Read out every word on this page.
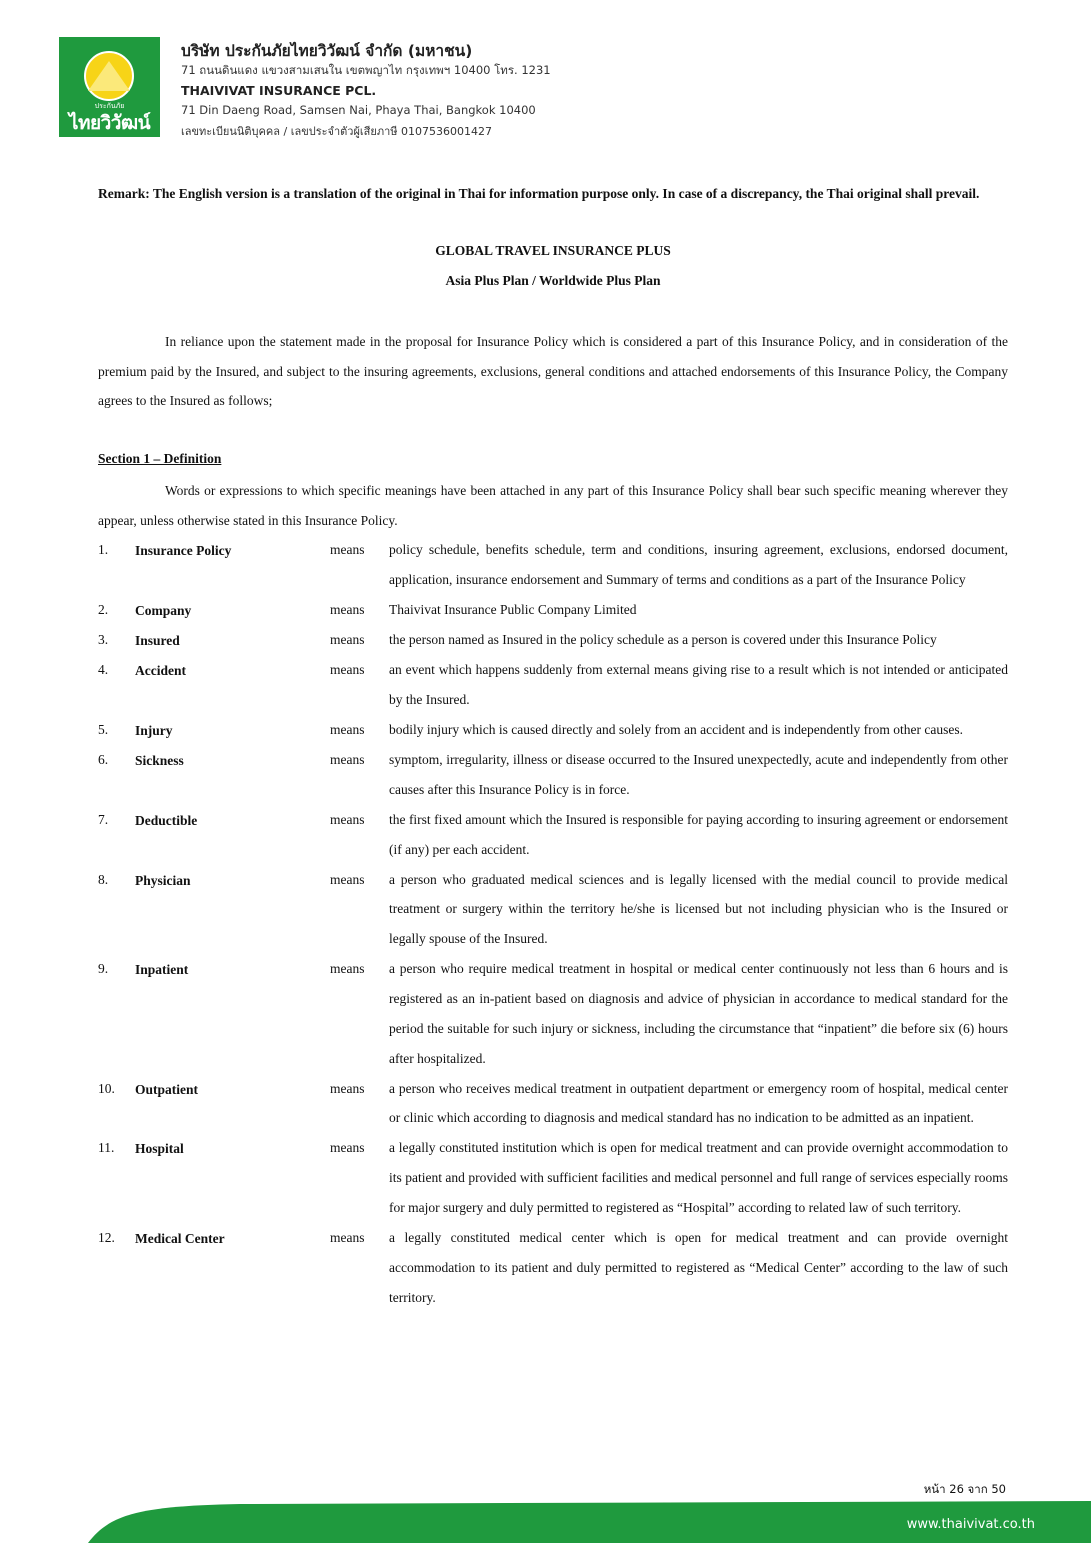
ประกันภัย
ไทยวิวัฒน์
บริษัท ประกันภัยไทยวิวัฒน์ จำกัด (มหาชน)
71 ถนนดินแดง แขวงสามเสนใน เขตพญาไท กรุงเทพฯ 10400 โทร. 1231
THAIVIVAT INSURANCE PCL.
71 Din Daeng Road, Samsen Nai, Phaya Thai, Bangkok 10400
เลขทะเบียนนิติบุคคล / เลขประจำตัวผู้เสียภาษี 0107536001427
Remark: The English version is a translation of the original in Thai for information purpose only. In case of a discrepancy, the Thai original shall prevail.
GLOBAL TRAVEL INSURANCE PLUS
Asia Plus Plan / Worldwide Plus Plan
In reliance upon the statement made in the proposal for Insurance Policy which is considered a part of this Insurance Policy, and in consideration of the premium paid by the Insured, and subject to the insuring agreements, exclusions, general conditions and attached endorsements of this Insurance Policy, the Company agrees to the Insured as follows;
Section 1 – Definition
Words or expressions to which specific meanings have been attached in any part of this Insurance Policy shall bear such specific meaning wherever they appear, unless otherwise stated in this Insurance Policy.
1.	Insurance Policy	means policy schedule, benefits schedule, term and conditions, insuring agreement, exclusions, endorsed document, application, insurance endorsement and Summary of terms and conditions as a part of the Insurance Policy
2.	Company	means Thaivivat Insurance Public Company Limited
3.	Insured	means the person named as Insured in the policy schedule as a person is covered under this Insurance Policy
4.	Accident	means an event which happens suddenly from external means giving rise to a result which is not intended or anticipated by the Insured.
5.	Injury	means bodily injury which is caused directly and solely from an accident and is independently from other causes.
6.	Sickness	means symptom, irregularity, illness or disease occurred to the Insured unexpectedly, acute and independently from other causes after this Insurance Policy is in force.
7.	Deductible	means the first fixed amount which the Insured is responsible for paying according to insuring agreement or endorsement (if any) per each accident.
8.	Physician	means a person who graduated medical sciences and is legally licensed with the medial council to provide medical treatment or surgery within the territory he/she is licensed but not including physician who is the Insured or legally spouse of the Insured.
9.	Inpatient	means a person who require medical treatment in hospital or medical center continuously not less than 6 hours and is registered as an in-patient based on diagnosis and advice of physician in accordance to medical standard for the period the suitable for such injury or sickness, including the circumstance that “inpatient” die before six (6) hours after hospitalized.
10.	Outpatient	means a person who receives medical treatment in outpatient department or emergency room of hospital, medical center or clinic which according to diagnosis and medical standard has no indication to be admitted as an inpatient.
11.	Hospital	means a legally constituted institution which is open for medical treatment and can provide overnight accommodation to its patient and provided with sufficient facilities and medical personnel and full range of services especially rooms for major surgery and duly permitted to registered as “Hospital” according to related law of such territory.
12.	Medical Center	means a legally constituted medical center which is open for medical treatment and can provide overnight accommodation to its patient and duly permitted to registered as “Medical Center” according to the law of such territory.
หน้า 26 จาก 50
www.thaivivat.co.th
